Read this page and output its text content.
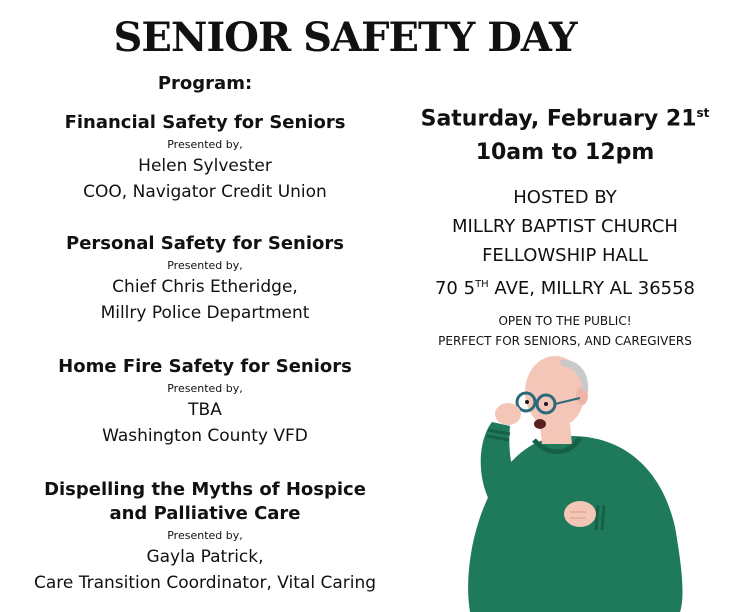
SENIOR SAFETY DAY
Program:
Financial Safety for Seniors
Presented by,
Helen Sylvester
COO, Navigator Credit Union
Personal Safety for Seniors
Presented by,
Chief Chris Etheridge,
Millry Police Department
Home Fire Safety for Seniors
Presented by,
TBA
Washington County VFD
Dispelling the Myths of Hospice
and Palliative Care
Presented by,
Gayla Patrick,
Care Transition Coordinator, Vital Caring
Saturday, February 21st
10am to 12pm
HOSTED BY
MILLRY BAPTIST CHURCH
FELLOWSHIP HALL
70 5TH AVE, MILLRY AL 36558
OPEN TO THE PUBLIC!
PERFECT FOR SENIORS, AND CAREGIVERS
